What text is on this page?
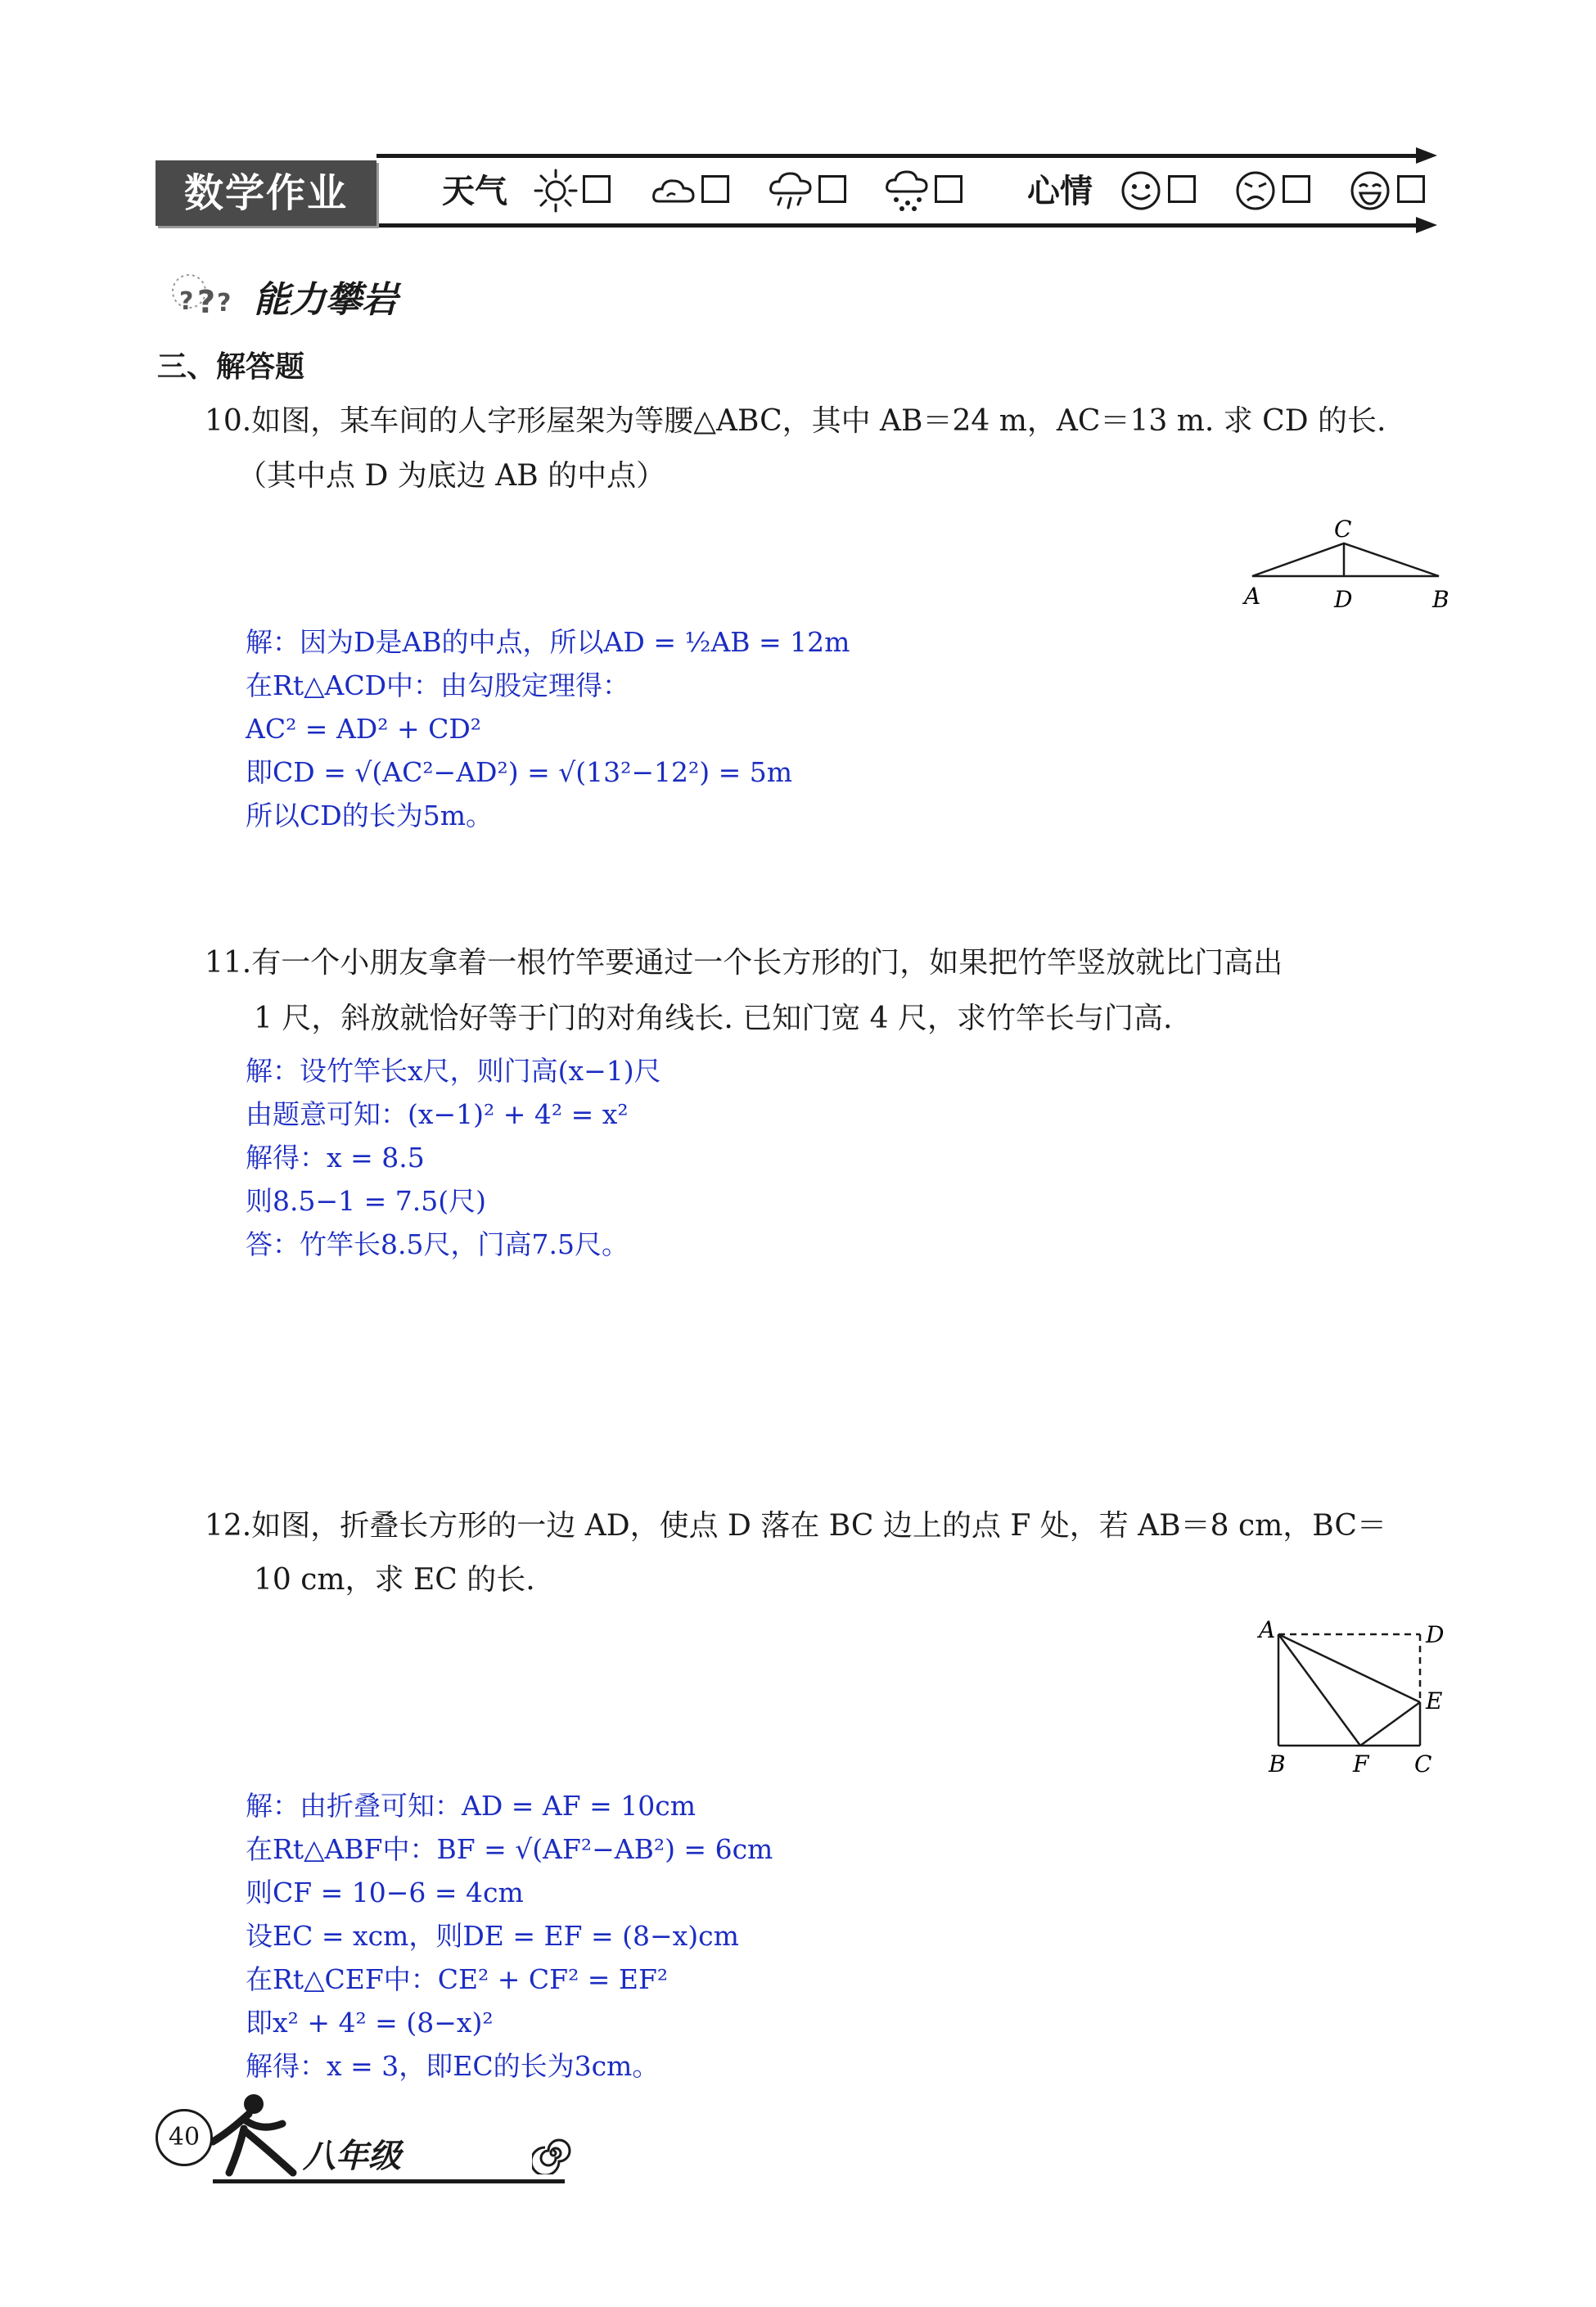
数学作业	天气	心情
? ? ? 能力攀岩
三、解答题
10.如图，某车间的人字形屋架为等腰△ABC，其中 AB＝24 m，AC＝13 m. 求 CD 的长.
（其中点 D 为底边 AB 的中点）
C
A	D	B
解：因为D是AB的中点，所以AD = ½AB = 12m
在Rt△ACD中：由勾股定理得：
AC² = AD² + CD²
即CD = √(AC²−AD²) = √(13²−12²) = 5m
所以CD的长为5m。
11.有一个小朋友拿着一根竹竿要通过一个长方形的门，如果把竹竿竖放就比门高出
1 尺，斜放就恰好等于门的对角线长. 已知门宽 4 尺，求竹竿长与门高.
解：设竹竿长x尺，则门高(x−1)尺
由题意可知：(x−1)² + 4² = x²
解得：x = 8.5
则8.5−1 = 7.5(尺)
答：竹竿长8.5尺，门高7.5尺。
12.如图，折叠长方形的一边 AD，使点 D 落在 BC 边上的点 F 处，若 AB＝8 cm，BC＝
10 cm，求 EC 的长.
A	D
E
B	F C
解：由折叠可知：AD = AF = 10cm
在Rt△ABF中：BF = √(AF²−AB²) = 6cm
则CF = 10−6 = 4cm
设EC = xcm，则DE = EF = (8−x)cm
在Rt△CEF中：CE² + CF² = EF²
即x² + 4² = (8−x)²
解得：x = 3，即EC的长为3cm。
40
八年级
